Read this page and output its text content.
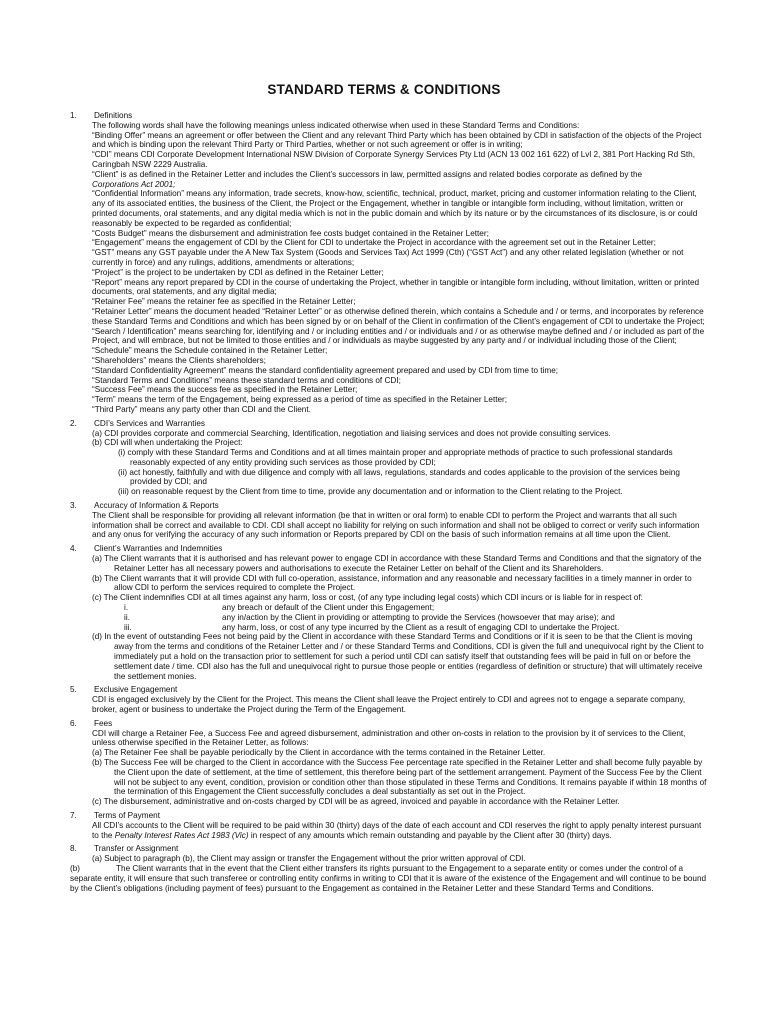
STANDARD TERMS & CONDITIONS
1.	Definitions

The following words shall have the following meanings unless indicated otherwise when used in these Standard Terms and Conditions:

“Binding Offer” means an agreement or offer between the Client and any relevant Third Party which has been obtained by CDI in satisfaction of the objects of the Project and which is binding upon the relevant Third Party or Third Parties, whether or not such agreement or offer is in writing;

“CDI” means CDI Corporate Development International NSW Division of Corporate Synergy Services Pty Ltd (ACN 13 002 161 622) of Lvl 2, 381 Port Hacking Rd Sth, Caringbah NSW 2229 Australia.

“Client” is as defined in the Retainer Letter and includes the Client’s successors in law, permitted assigns and related bodies corporate as defined by the
Corporations Act 2001;

“Confidential Information” means any information, trade secrets, know-how, scientific, technical, product, market, pricing and customer information relating to the Client, any of its associated entities, the business of the Client, the Project or the Engagement, whether in tangible or intangible form including, without limitation, written or printed documents, oral statements, and any digital media which is not in the public domain and which by its nature or by the circumstances of its disclosure, is or could reasonably be expected to be regarded as confidential;

“Costs Budget” means the disbursement and administration fee costs budget contained in the Retainer Letter;

“Engagement” means the engagement of CDI by the Client for CDI to undertake the Project in accordance with the agreement set out in the Retainer Letter;

“GST” means any GST payable under the A New Tax System (Goods and Services Tax) Act 1999 (Cth) (“GST Act”) and any other related legislation (whether or not currently in force) and any rulings, additions, amendments or alterations;

“Project” is the project to be undertaken by CDI as defined in the Retainer Letter;

“Report” means any report prepared by CDI in the course of undertaking the Project, whether in tangible or intangible form including, without limitation, written or printed documents, oral statements, and any digital media;

“Retainer Fee” means the retainer fee as specified in the Retainer Letter;

“Retainer Letter” means the document headed “Retainer Letter” or as otherwise defined therein, which contains a Schedule and / or terms, and incorporates by reference these Standard Terms and Conditions and which has been signed by or on behalf of the Client in confirmation of the Client’s engagement of CDI to undertake the Project;

“Search / Identification” means searching for, identifying and / or including entities and / or individuals and / or as otherwise maybe defined and / or included as part of the Project, and will embrace, but not be limited to those entities and / or individuals as maybe suggested by any party and / or individual including those of the Client;

“Schedule” means the Schedule contained in the Retainer Letter;

“Shareholders” means the Clients shareholders;

“Standard Confidentiality Agreement” means the standard confidentiality agreement prepared and used by CDI from time to time;

“Standard Terms and Conditions” means these standard terms and conditions of CDI;

“Success Fee” means the success fee as specified in the Retainer Letter;

“Term” means the term of the Engagement, being expressed as a period of time as specified in the Retainer Letter;

“Third Party” means any party other than CDI and the Client.

2.	CDI’s Services and Warranties

(a) CDI provides corporate and commercial Searching, Identification, negotiation and liaising services and does not provide consulting services.

(b) CDI will when undertaking the Project:

(i) comply with these Standard Terms and Conditions and at all times maintain proper and appropriate methods of practice to such professional standards reasonably expected of any entity providing such services as those provided by CDI;
(ii) act honestly, faithfully and with due diligence and comply with all laws, regulations, standards and codes applicable to the provision of the services being provided by CDI; and
(iii) on reasonable request by the Client from time to time, provide any documentation and or information to the Client relating to the Project.
3.	Accuracy of Information & Reports

The Client shall be responsible for providing all relevant information (be that in written or oral form) to enable CDI to perform the Project and warrants that all such information shall be correct and available to CDI. CDI shall accept no liability for relying on such information and shall not be obliged to correct or verify such information and any onus for verifying the accuracy of any such information or Reports prepared by CDI on the basis of such information remains at all time upon the Client.

4.	Client’s Warranties and Indemnities

(a) The Client warrants that it is authorised and has relevant power to engage CDI in accordance with these Standard Terms and Conditions and that the signatory of the Retainer Letter has all necessary powers and authorisations to execute the Retainer Letter on behalf of the Client and its Shareholders.

(b) The Client warrants that it will provide CDI with full co-operation, assistance, information and any reasonable and necessary facilities in a timely manner in order to allow CDI to perform the services required to complete the Project.

(c) The Client indemnifies CDI at all times against any harm, loss or cost, (of any type including legal costs) which CDI incurs or is liable for in respect of:

i.	any breach or default of the Client under this Engagement;
ii.	any in/action by the Client in providing or attempting to provide the Services (howsoever that may arise); and
iii.	any harm, loss, or cost of any type incurred by the Client as a result of engaging CDI to undertake the Project.

(d) In the event of outstanding Fees not being paid by the Client in accordance with these Standard Terms and Conditions or if it is seen to be that the Client is moving away from the terms and conditions of the Retainer Letter and / or these Standard Terms and Conditions, CDI is given the full and unequivocal right by the Client to immediately put a hold on the transaction prior to settlement for such a period until CDI can satisfy itself that outstanding fees will be paid in full on or before the settlement date / time. CDI also has the full and unequivocal right to pursue those people or entities (regardless of definition or structure) that will ultimately receive the settlement monies.

5.	Exclusive Engagement

CDI is engaged exclusively by the Client for the Project. This means the Client shall leave the Project entirely to CDI and agrees not to engage a separate company, broker, agent or business to undertake the Project during the Term of the Engagement.

6.	Fees

CDI will charge a Retainer Fee, a Success Fee and agreed disbursement, administration and other on-costs in relation to the provision by it of services to the Client, unless otherwise specified in the Retainer Letter, as follows:

(a) The Retainer Fee shall be payable periodically by the Client in accordance with the terms contained in the Retainer Letter.

(b) The Success Fee will be charged to the Client in accordance with the Success Fee percentage rate specified in the Retainer Letter and shall become fully payable by the Client upon the date of settlement, at the time of settlement, this therefore being part of the settlement arrangement. Payment of the Success Fee by the Client will not be subject to any event, condition, provision or condition other than those stipulated in these Terms and Conditions. It remains payable if within 18 months of the termination of this Engagement the Client successfully concludes a deal substantially as set out in the Project.

(c) The disbursement, administrative and on-costs charged by CDI will be as agreed, invoiced and payable in accordance with the Retainer Letter.

7.	Terms of Payment

All CDI’s accounts to the Client will be required to be paid within 30 (thirty) days of the date of each account and CDI reserves the right to apply penalty interest pursuant to the Penalty Interest Rates Act 1983 (Vic) in respect of any amounts which remain outstanding and payable by the Client after 30 (thirty) days.

8.	Transfer or Assignment

(a) Subject to paragraph (b), the Client may assign or transfer the Engagement without the prior written approval of CDI.

(b)	The Client warrants that in the event that the Client either transfers its rights pursuant to the Engagement to a separate entity or comes under the control of a separate entity, it will ensure that such transferee or controlling entity confirms in writing to CDI that it is aware of the existence of the Engagement and will continue to be bound by the Client’s obligations (including payment of fees) pursuant to the Engagement as contained in the Retainer Letter and these Standard Terms and Conditions.
